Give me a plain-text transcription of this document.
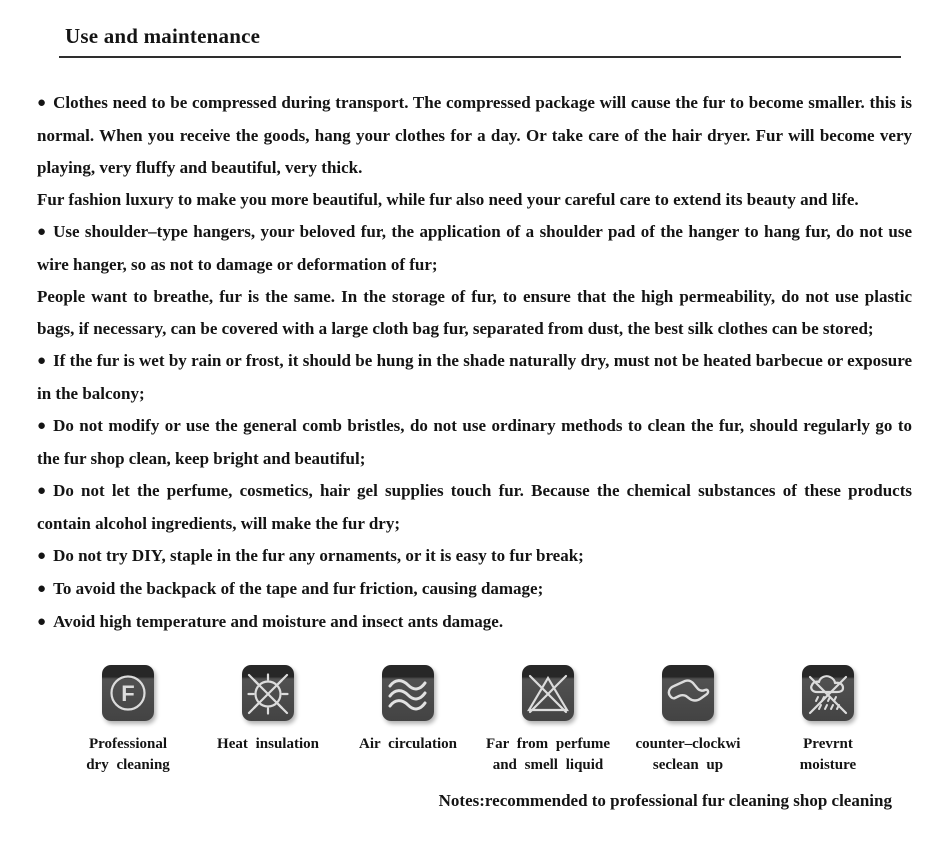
Use and maintenance

● Clothes need to be compressed during transport. The compressed package will cause the fur to become smaller. this is normal. When you receive the goods, hang your clothes for a day. Or take care of the hair dryer. Fur will become very playing, very fluffy and beautiful, very thick.

Fur fashion luxury to make you more beautiful, while fur also need your careful care to extend its beauty and life.

● Use shoulder–type hangers, your beloved fur, the application of a shoulder pad of the hanger to hang fur, do not use wire hanger, so as not to damage or deformation of fur;

People want to breathe, fur is the same. In the storage of fur, to ensure that the high permeability, do not use plastic bags, if necessary, can be covered with a large cloth bag fur, separated from dust, the best silk clothes can be stored;

● If the fur is wet by rain or frost, it should be hung in the shade naturally dry, must not be heated barbecue or exposure in the balcony;

● Do not modify or use the general comb bristles, do not use ordinary methods to clean the fur, should regularly go to the fur shop clean, keep bright and beautiful;

● Do not let the perfume, cosmetics, hair gel supplies touch fur. Because the chemical substances of these products contain alcohol ingredients, will make the fur dry;

● Do not try DIY, staple in the fur any ornaments, or it is easy to fur break;

● To avoid the backpack of the tape and fur friction, causing damage;

● Avoid high temperature and moisture and insect ants damage.

F
Professional
dry cleaning
Heat insulation	Air circulation Far from perfume
and smell liquid
counter–clockwi
seclean up
Prevrnt
moisture
Notes:recommended to professional fur cleaning shop cleaning
